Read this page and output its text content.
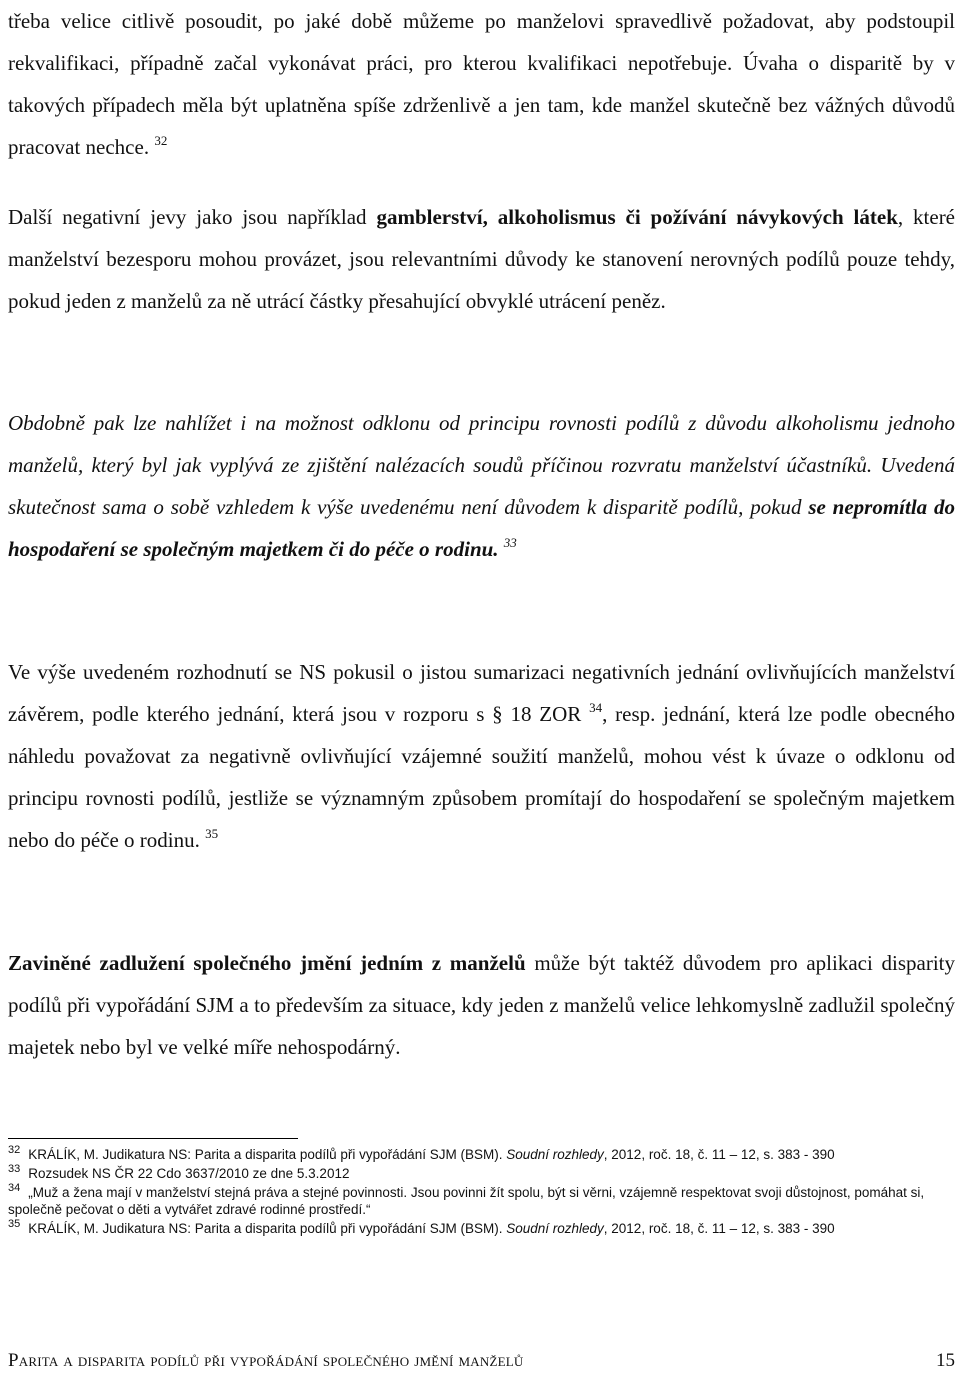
třeba velice citlivě posoudit, po jaké době můžeme po manželovi spravedlivě požadovat, aby podstoupil rekvalifikaci, případně začal vykonávat práci, pro kterou kvalifikaci nepotřebuje. Úvaha o disparitě by v takových případech měla být uplatněna spíše zdrženlivě a jen tam, kde manžel skutečně bez vážných důvodů pracovat nechce. $^{32}$

Další negativní jevy jako jsou například gamblerství, alkoholismus či požívání návykových látek, které manželství bezesporu mohou provázet, jsou relevantními důvody ke stanovení nerovných podílů pouze tehdy, pokud jeden z manželů za ně utrácí částky přesahující obvyklé utrácení peněz.

Obdobně pak lze nahlížet i na možnost odklonu od principu rovnosti podílů z důvodu alkoholismu jednoho manželů, který byl jak vyplývá ze zjištění nalézacích soudů příčinou rozvratu manželství účastníků. Uvedená skutečnost sama o sobě vzhledem k výše uvedenému není důvodem k disparitě podílů, pokud se nepromítla do hospodaření se společným majetkem či do péče o rodinu. $^{33}$

Ve výše uvedeném rozhodnutí se NS pokusil o jistou sumarizaci negativních jednání ovlivňujících manželství závěrem, podle kterého jednání, která jsou v rozporu s § 18 ZOR $^{34}$, resp. jednání, která lze podle obecného náhledu považovat za negativně ovlivňující vzájemné soužití manželů, mohou vést k úvaze o odklonu od principu rovnosti podílů, jestliže se významným způsobem promítají do hospodaření se společným majetkem nebo do péče o rodinu. $^{35}$

Zaviněné zadlužení společného jmění jedním z manželů může být taktéž důvodem pro aplikaci disparity podílů při vypořádání SJM a to především za situace, kdy jeden z manželů velice lehkomyslně zadlužil společný majetek nebo byl ve velké míře nehospodárný.

$^{32}$ KRÁLÍK, M. Judikatura NS: Parita a disparita podílů při vypořádání SJM (BSM). Soudní rozhledy, 2012, roč. 18, č. 11 – 12, s. 383 - 390

$^{33}$ Rozsudek NS ČR 22 Cdo 3637/2010 ze dne 5.3.2012

$^{34}$ „Muž a žena mají v manželství stejná práva a stejné povinnosti. Jsou povinni žít spolu, být si věrni, vzájemně respektovat svoji důstojnost, pomáhat si, společně pečovat o děti a vytvářet zdravé rodinné prostředí.“

$^{35}$ KRÁLÍK, M. Judikatura NS: Parita a disparita podílů při vypořádání SJM (BSM). Soudní rozhledy, 2012, roč. 18, č. 11 – 12, s. 383 - 390

Parita a disparita podílů při vypořádání společného jmění manželů	15
